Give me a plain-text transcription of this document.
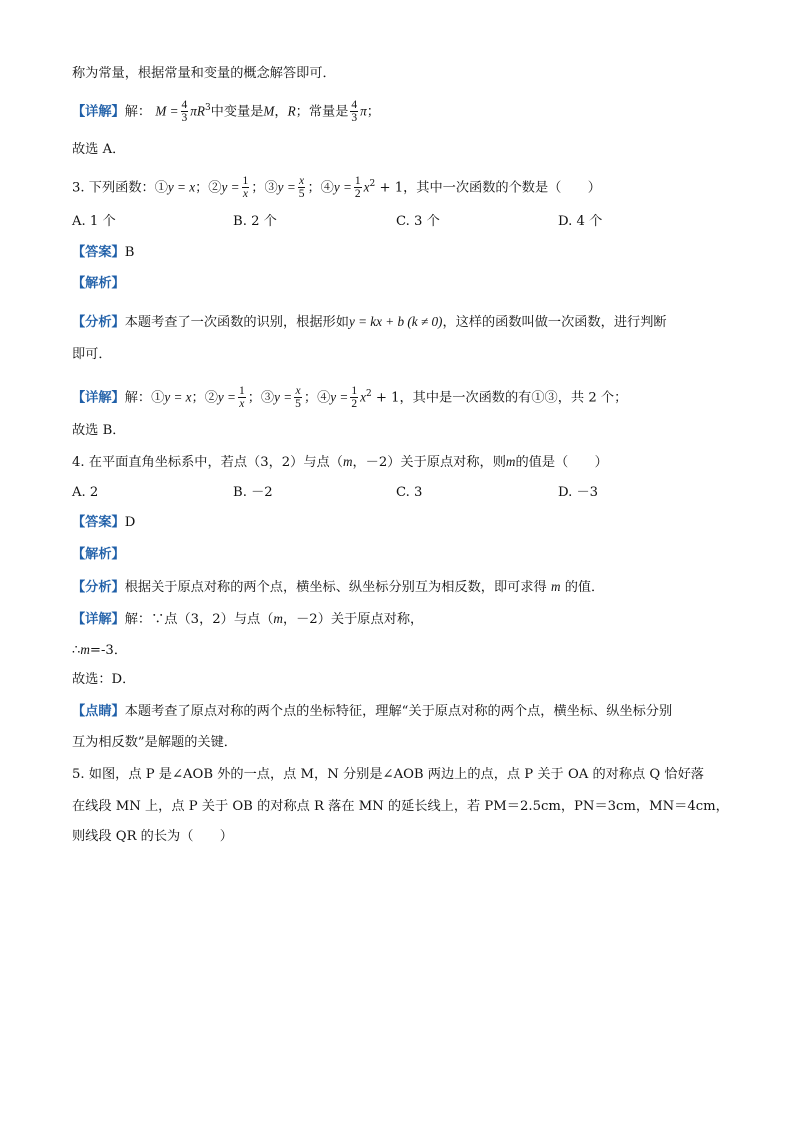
称为常量，根据常量和变量的概念解答即可．
【详解】解： $M = \frac{4}{3} \pi R^3$中变量是M，R；常量是 $\frac{4}{3}$ π；
故选 A．
3. 下列函数：①y = x；②y = $\frac{1}{x}$ ；③y = $\frac{x}{5}$ ；④y = $\frac{1}{2} x^2 + 1$，其中一次函数的个数是（　　）
A. 1 个	B. 2 个	C. 3 个	D. 4 个
【答案】B
【解析】
【分析】本题考查了一次函数的识别，根据形如y = kx + b (k ≠ 0)，这样的函数叫做一次函数，进行判断
即可．
【详解】解：①y = x；②y = $\frac{1}{x}$ ；③y = $\frac{x}{5}$ ；④y = $\frac{1}{2} x^2 + 1$，其中是一次函数的有①③，共 2 个；
故选 B．
4. 在平面直角坐标系中，若点（3，2）与点（m，－2）关于原点对称，则m的值是（　　）
A. 2	B. －2	C. 3	D. －3
【答案】D
【解析】
【分析】根据关于原点对称的两个点，横坐标、纵坐标分别互为相反数，即可求得 m 的值．
【详解】解：∵点（3，2）与点（m，－2）关于原点对称，
∴m=-3．
故选：D．
【点睛】本题考查了原点对称的两个点的坐标特征，理解“关于原点对称的两个点，横坐标、纵坐标分别
互为相反数”是解题的关键．
5. 如图，点 P 是∠AOB 外的一点，点 M，N 分别是∠AOB 两边上的点，点 P 关于 OA 的对称点 Q 恰好落
在线段 MN 上，点 P 关于 OB 的对称点 R 落在 MN 的延长线上，若 PM＝2.5cm，PN＝3cm，MN＝4cm，
则线段 QR 的长为（　　）
